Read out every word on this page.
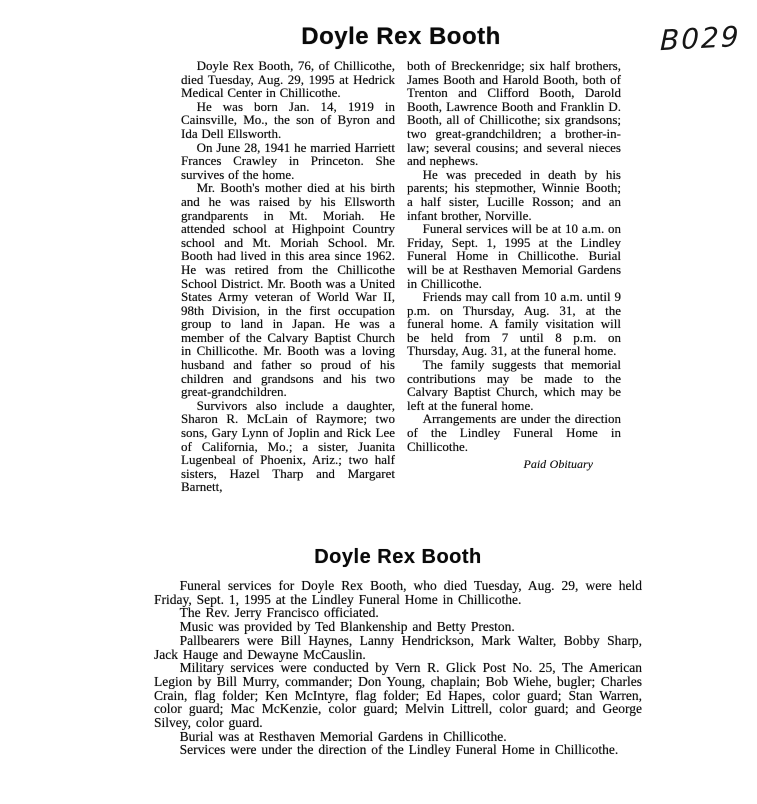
B029
Doyle Rex Booth

Doyle Rex Booth, 76, of Chillicothe, died Tuesday, Aug. 29, 1995 at Hedrick Medical Center in Chillicothe.

He was born Jan. 14, 1919 in Cainsville, Mo., the son of Byron and Ida Dell Ellsworth.

On June 28, 1941 he married Harriett Frances Crawley in Princeton. She survives of the home.

Mr. Booth's mother died at his birth and he was raised by his Ellsworth grandparents in Mt. Moriah. He attended school at Highpoint Country school and Mt. Moriah School. Mr. Booth had lived in this area since 1962. He was retired from the Chillicothe School District. Mr. Booth was a United States Army veteran of World War II, 98th Division, in the first occupation group to land in Japan. He was a member of the Calvary Baptist Church in Chillicothe. Mr. Booth was a loving husband and father so proud of his children and grandsons and his two great-grandchildren.

Survivors also include a daughter, Sharon R. McLain of Raymore; two sons, Gary Lynn of Joplin and Rick Lee of California, Mo.; a sister, Juanita Lugenbeal of Phoenix, Ariz.; two half sisters, Hazel Tharp and Margaret Barnett,

both of Breckenridge; six half brothers, James Booth and Harold Booth, both of Trenton and Clifford Booth, Darold Booth, Lawrence Booth and Franklin D. Booth, all of Chillicothe; six grandsons; two great-grandchildren; a brother-in-law; several cousins; and several nieces and nephews.

He was preceded in death by his parents; his stepmother, Winnie Booth; a half sister, Lucille Rosson; and an infant brother, Norville.

Funeral services will be at 10 a.m. on Friday, Sept. 1, 1995 at the Lindley Funeral Home in Chillicothe. Burial will be at Resthaven Memorial Gardens in Chillicothe.

Friends may call from 10 a.m. until 9 p.m. on Thursday, Aug. 31, at the funeral home. A family visitation will be held from 7 until 8 p.m. on Thursday, Aug. 31, at the funeral home.

The family suggests that memorial contributions may be made to the Calvary Baptist Church, which may be left at the funeral home.

Arrangements are under the direction of the Lindley Funeral Home in Chillicothe.

Paid Obituary
Doyle Rex Booth

Funeral services for Doyle Rex Booth, who died Tuesday, Aug. 29, were held Friday, Sept. 1, 1995 at the Lindley Funeral Home in Chillicothe.

The Rev. Jerry Francisco officiated.

Music was provided by Ted Blankenship and Betty Preston.

Pallbearers were Bill Haynes, Lanny Hendrickson, Mark Walter, Bobby Sharp, Jack Hauge and Dewayne McCauslin.

Military services were conducted by Vern R. Glick Post No. 25, The American Legion by Bill Murry, commander; Don Young, chaplain; Bob Wiehe, bugler; Charles Crain, flag folder; Ken McIntyre, flag folder; Ed Hapes, color guard; Stan Warren, color guard; Mac McKenzie, color guard; Melvin Littrell, color guard; and George Silvey, color guard.

Burial was at Resthaven Memorial Gardens in Chillicothe.

Services were under the direction of the Lindley Funeral Home in Chillicothe.
